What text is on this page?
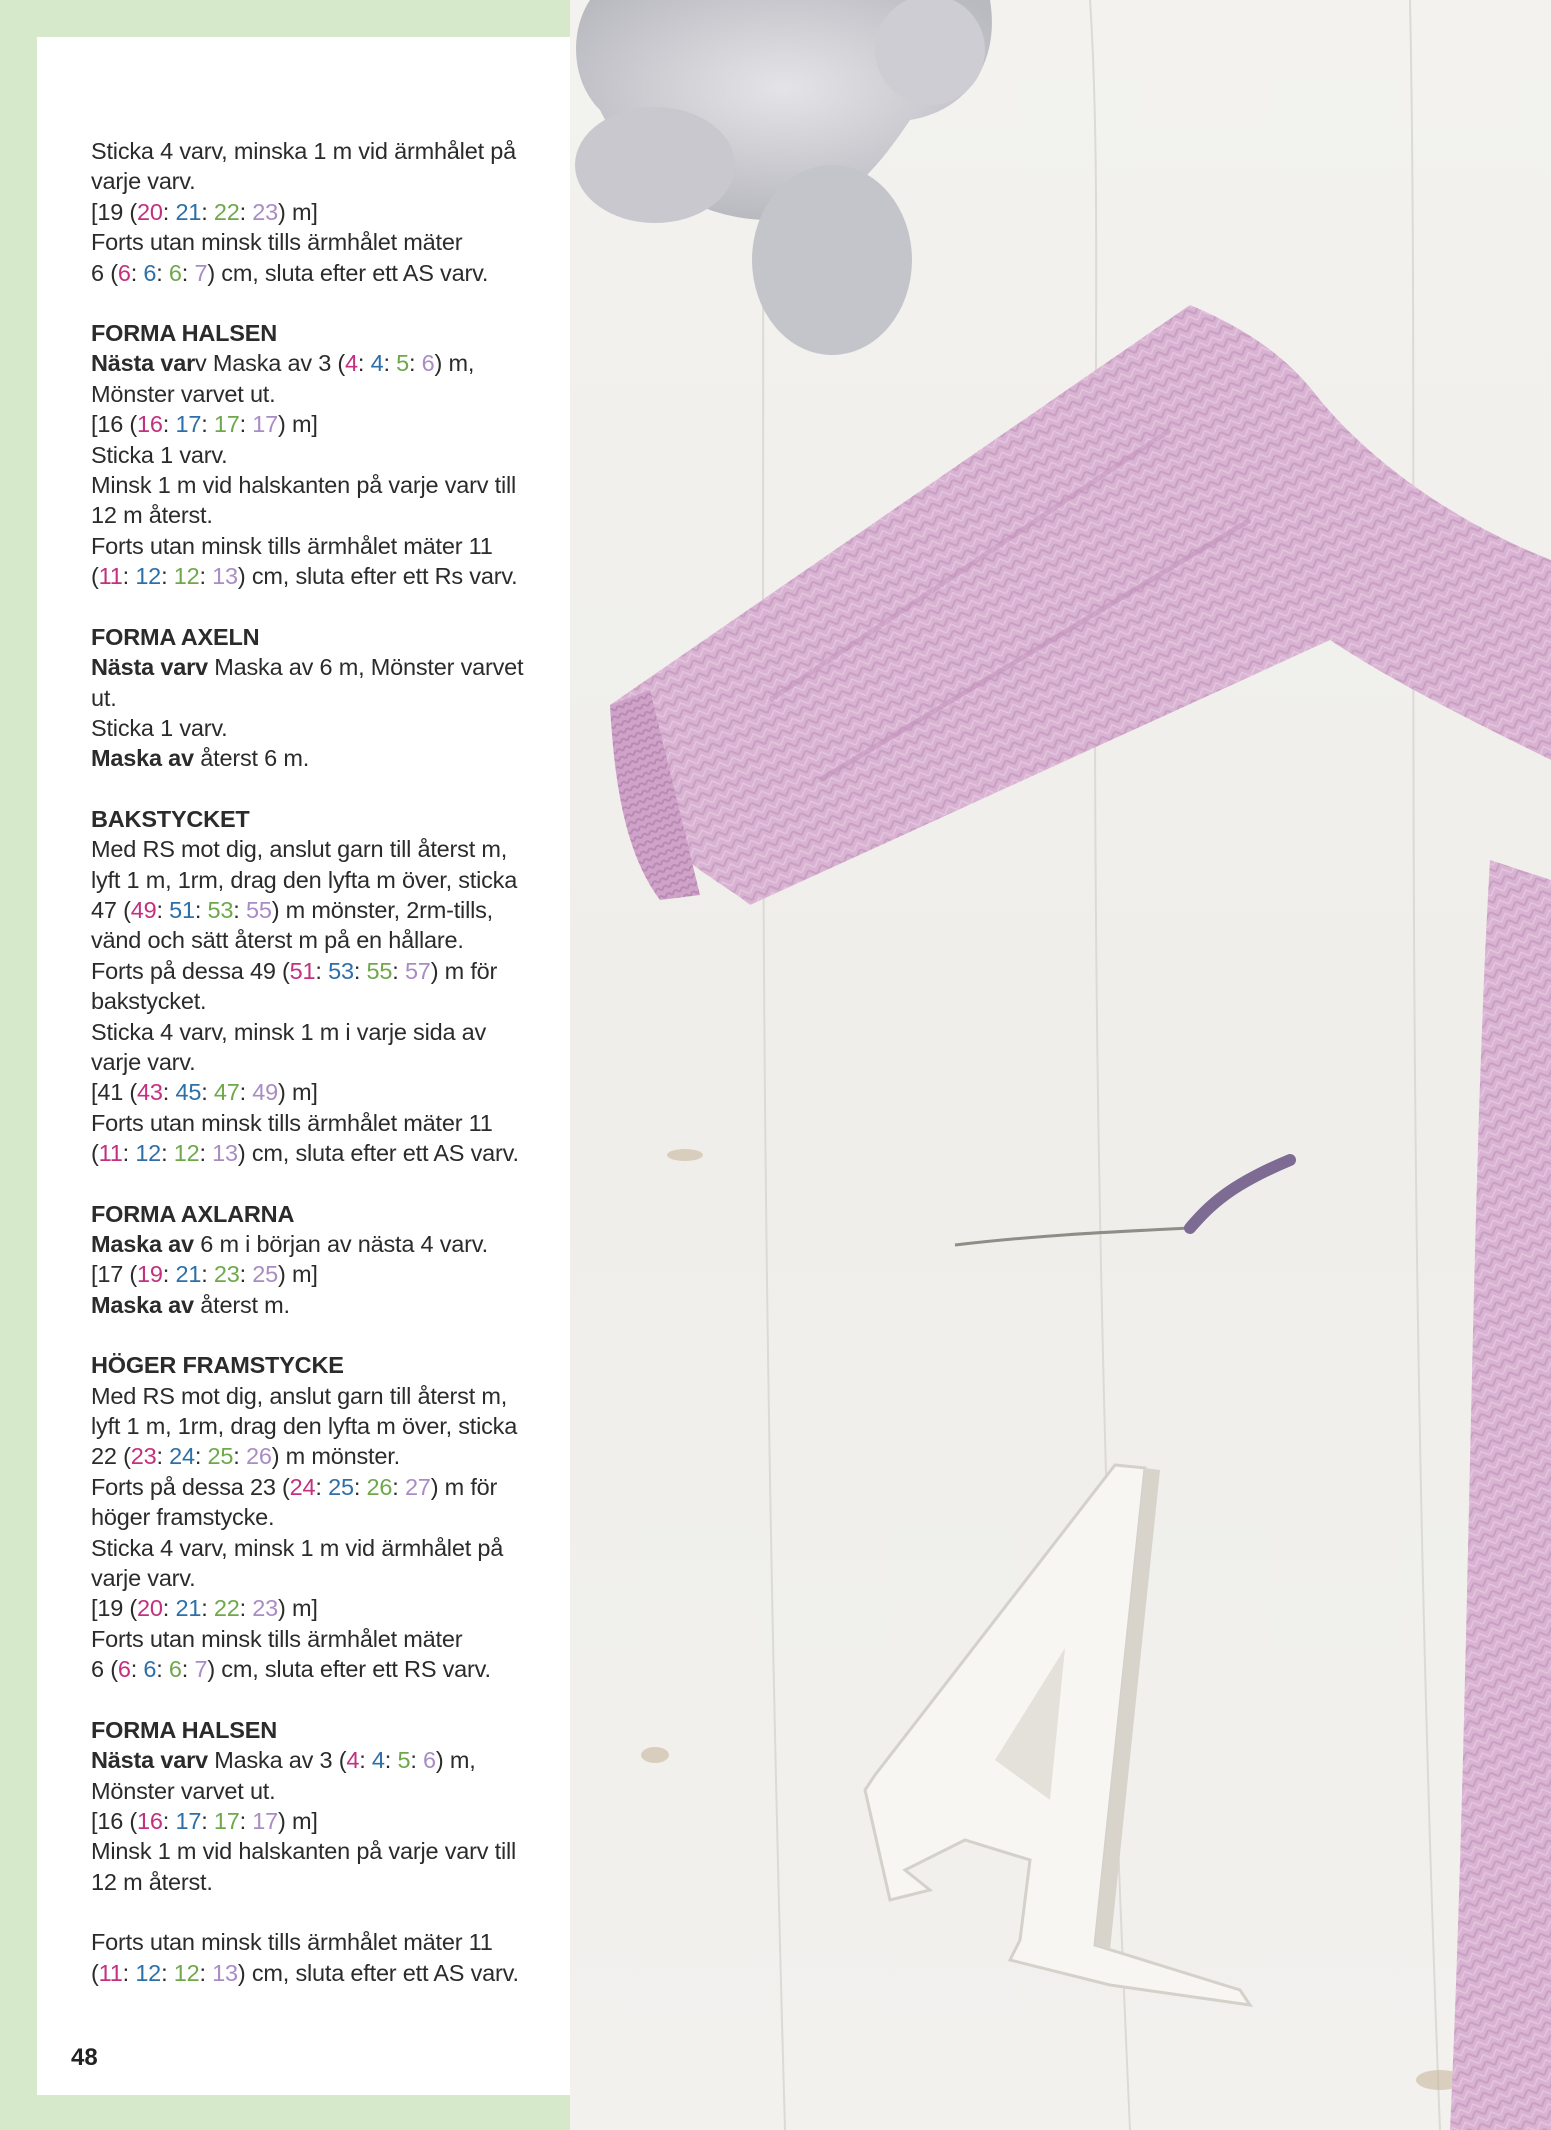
Sticka 4 varv, minska 1 m vid ärmhålet på
varje varv.
[19 (20: 21: 22: 23) m]
Forts utan minsk tills ärmhålet mäter
6 (6: 6: 6: 7) cm, sluta efter ett AS varv.

FORMA HALSEN
Nästa varv Maska av 3 (4: 4: 5: 6) m,
Mönster varvet ut.
[16 (16: 17: 17: 17) m]
Sticka 1 varv.
Minsk 1 m vid halskanten på varje varv till
12 m återst.
Forts utan minsk tills ärmhålet mäter 11
(11: 12: 12: 13) cm, sluta efter ett Rs varv.

FORMA AXELN
Nästa varv Maska av 6 m, Mönster varvet
ut.
Sticka 1 varv.
Maska av återst 6 m.

BAKSTYCKET
Med RS mot dig, anslut garn till återst m,
lyft 1 m, 1rm, drag den lyfta m över, sticka
47 (49: 51: 53: 55) m mönster, 2rm-tills,
vänd och sätt återst m på en hållare.
Forts på dessa 49 (51: 53: 55: 57) m för
bakstycket.
Sticka 4 varv, minsk 1 m i varje sida av
varje varv.
[41 (43: 45: 47: 49) m]
Forts utan minsk tills ärmhålet mäter 11
(11: 12: 12: 13) cm, sluta efter ett AS varv.

FORMA AXLARNA
Maska av 6 m i början av nästa 4 varv.
[17 (19: 21: 23: 25) m]
Maska av återst m.

HÖGER FRAMSTYCKE
Med RS mot dig, anslut garn till återst m,
lyft 1 m, 1rm, drag den lyfta m över, sticka
22 (23: 24: 25: 26) m mönster.
Forts på dessa 23 (24: 25: 26: 27) m för
höger framstycke.
Sticka 4 varv, minsk 1 m vid ärmhålet på
varje varv.
[19 (20: 21: 22: 23) m]
Forts utan minsk tills ärmhålet mäter
6 (6: 6: 6: 7) cm, sluta efter ett RS varv.

FORMA HALSEN
Nästa varv Maska av 3 (4: 4: 5: 6) m,
Mönster varvet ut.
[16 (16: 17: 17: 17) m]
Minsk 1 m vid halskanten på varje varv till
12 m återst.

Forts utan minsk tills ärmhålet mäter 11
(11: 12: 12: 13) cm, sluta efter ett AS varv.

48
